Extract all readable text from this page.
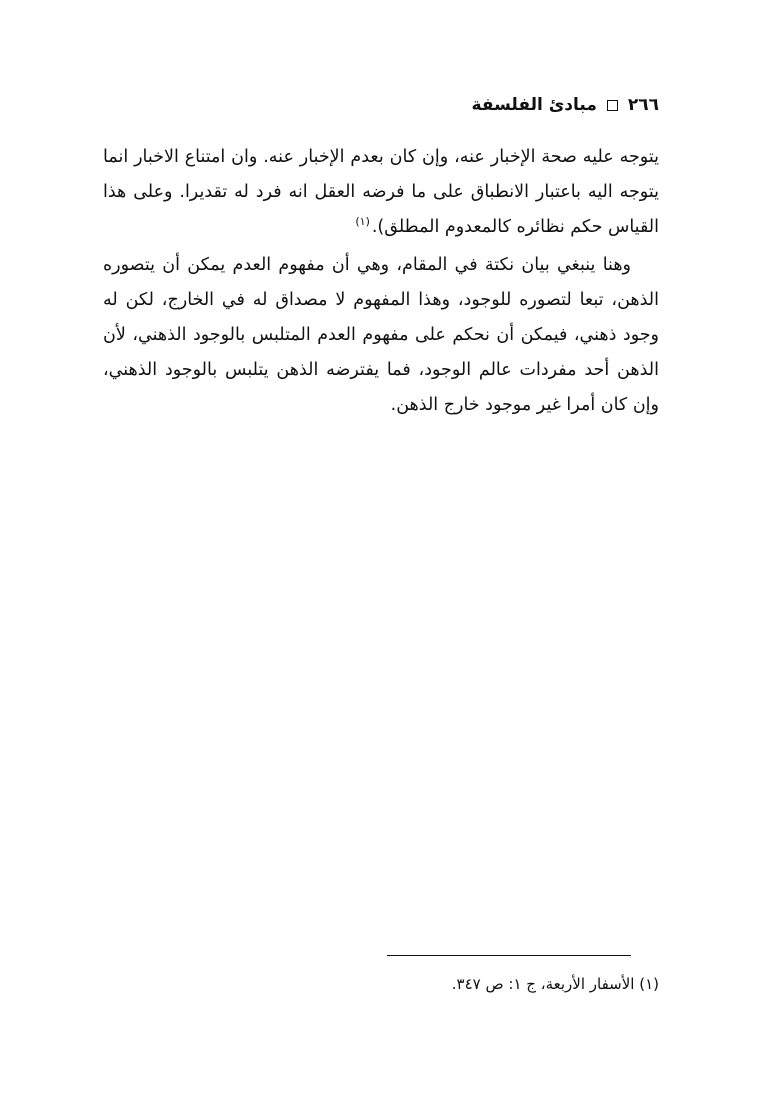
٢٦٦
مبادئ الفلسفة

يتوجه عليه صحة الإخبار عنه، وإن كان بعدم الإخبار عنه. وان امتناع الاخبار انما يتوجه اليه باعتبار الانطباق على ما فرضه العقل انه فرد له تقديرا. وعلى هذا القياس حكم نظائره كالمعدوم المطلق).$^{(١)}$

وهنا ينبغي بيان نكتة في المقام، وهي أن مفهوم العدم يمكن أن يتصوره الذهن، تبعا لتصوره للوجود، وهذا المفهوم لا مصداق له في الخارج، لكن له وجود ذهني، فيمكن أن نحكم على مفهوم العدم المتلبس بالوجود الذهني، لأن الذهن أحد مفردات عالم الوجود، فما يفترضه الذهن يتلبس بالوجود الذهني، وإن كان أمرا غير موجود خارج الذهن.

(١) الأسفار الأربعة، ج ١: ص ٣٤٧.
